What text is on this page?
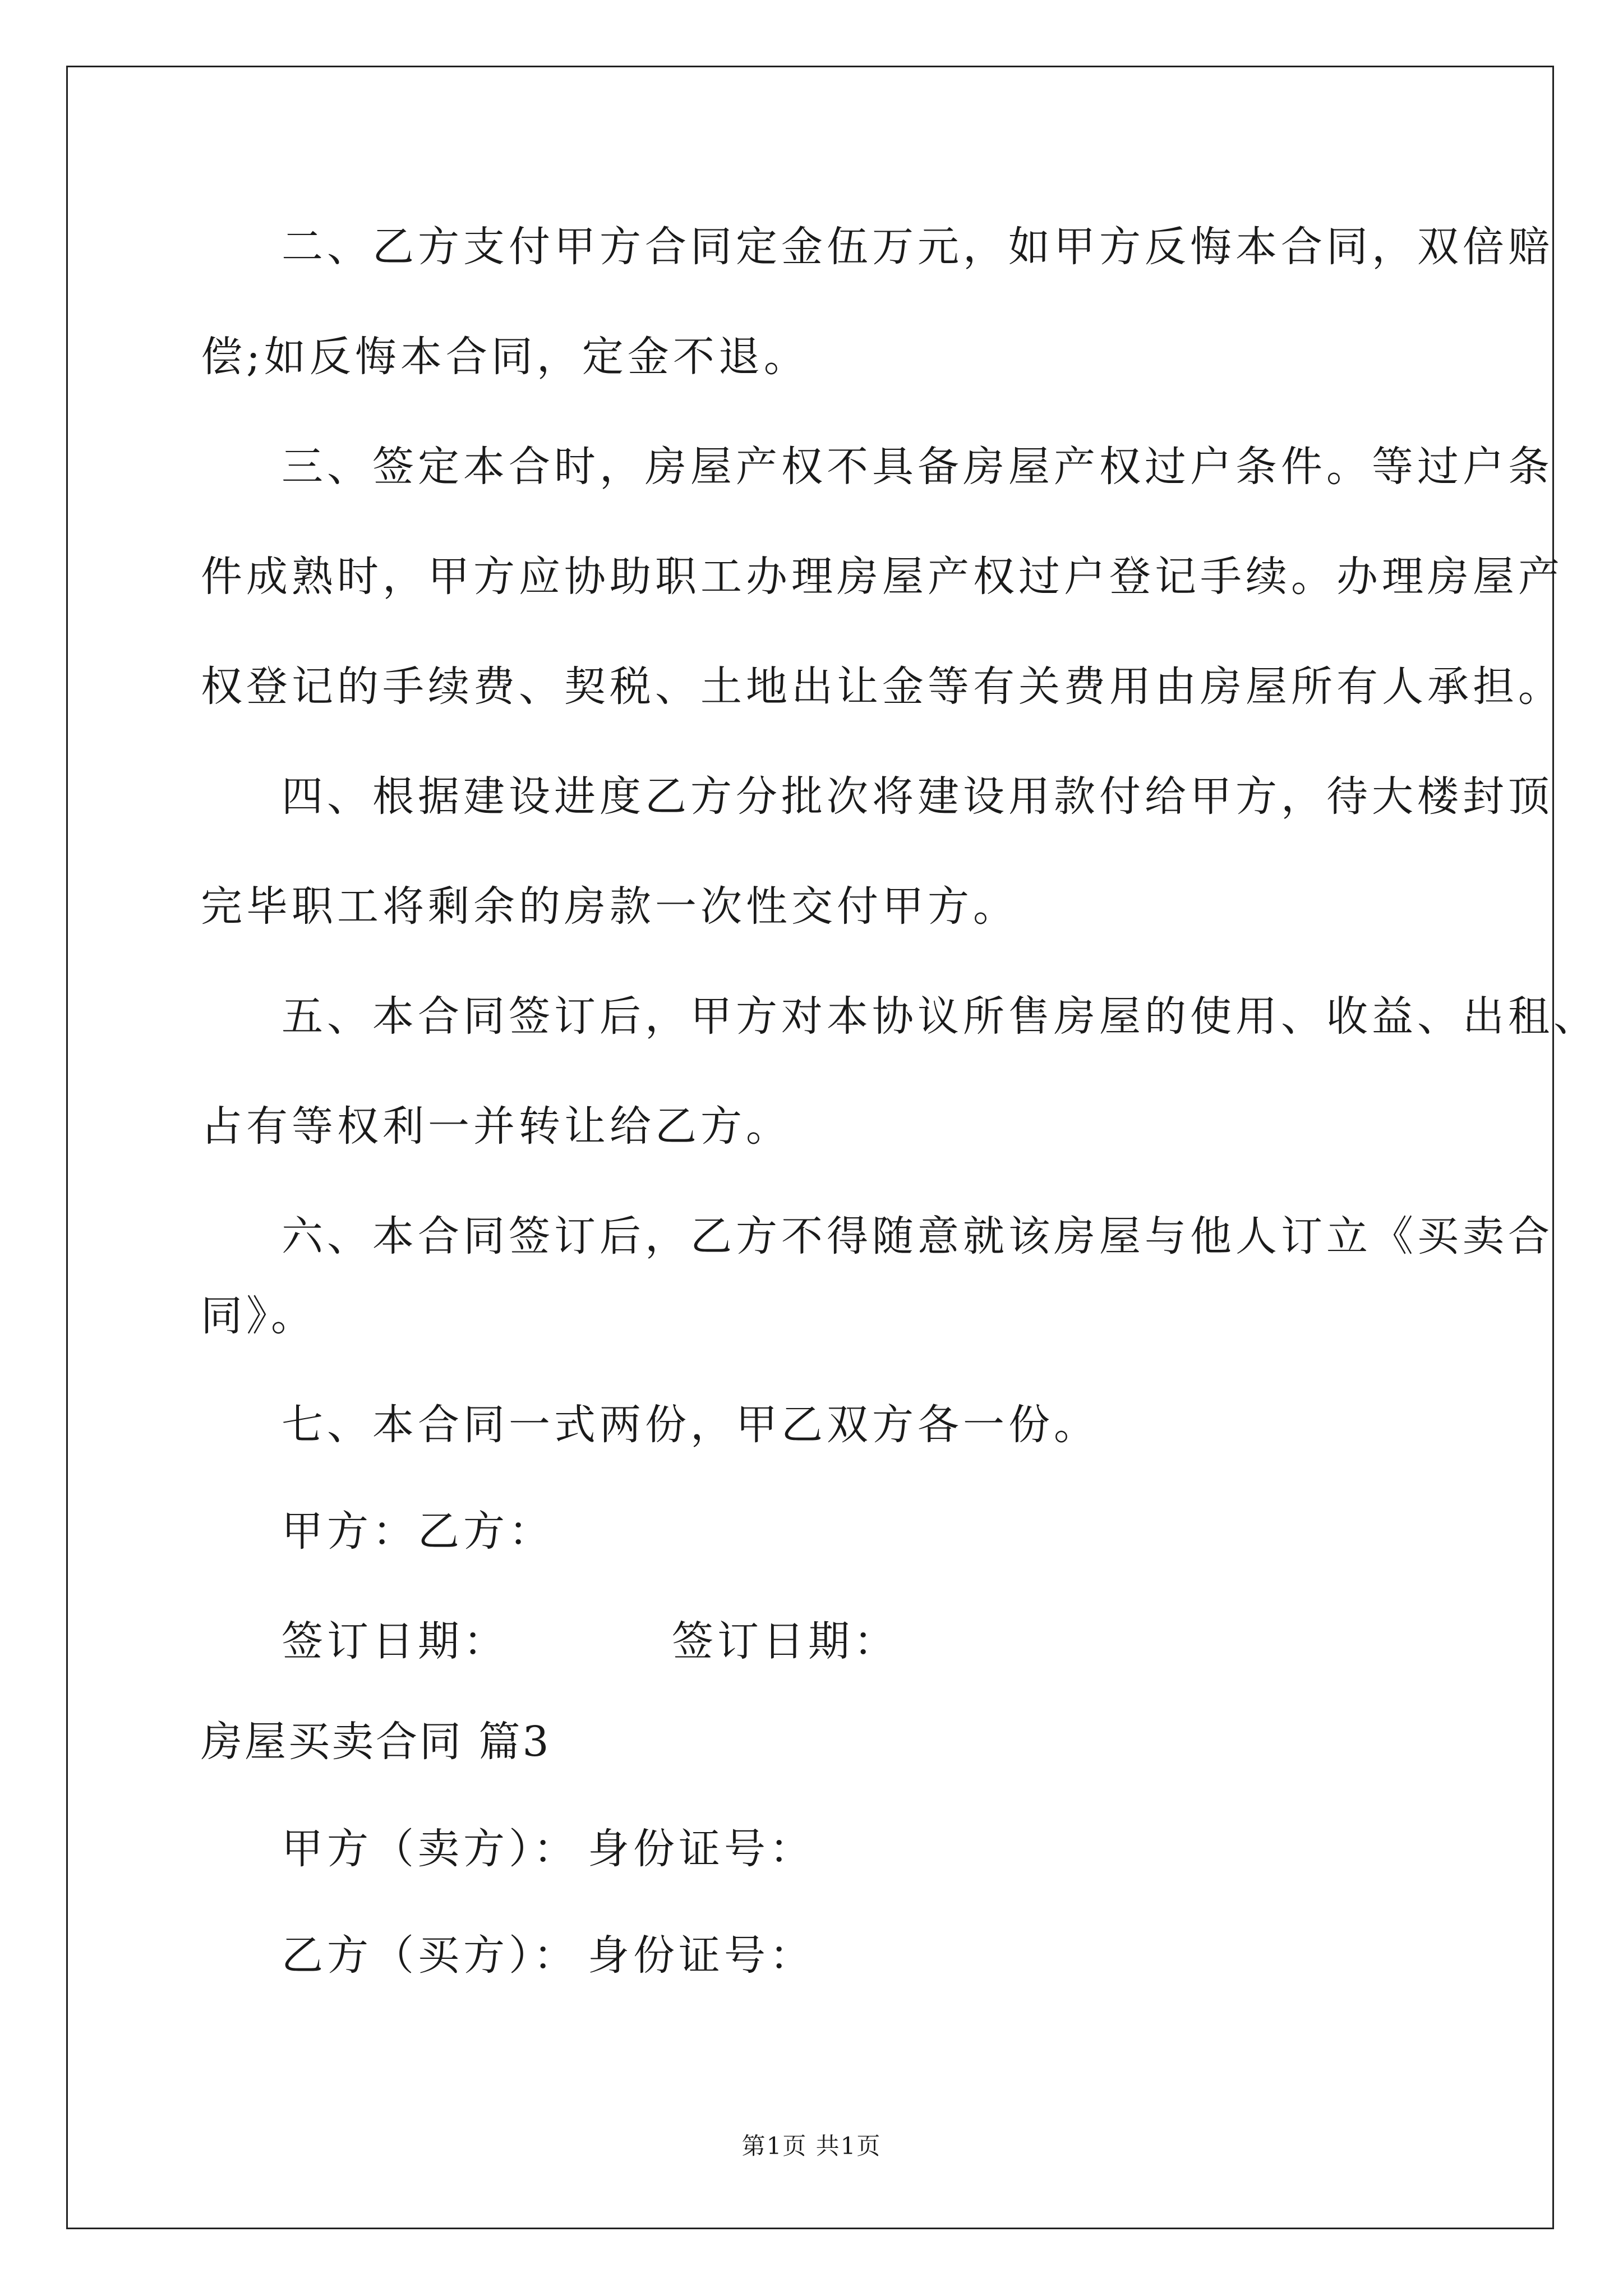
二、乙方支付甲方合同定金伍万元，如甲方反悔本合同，双倍赔
偿;如反悔本合同，定金不退。
三、签定本合时，房屋产权不具备房屋产权过户条件。等过户条
件成熟时，甲方应协助职工办理房屋产权过户登记手续。办理房屋产
权登记的手续费、契税、土地出让金等有关费用由房屋所有人承担。
四、根据建设进度乙方分批次将建设用款付给甲方，待大楼封顶
完毕职工将剩余的房款一次性交付甲方。
五、本合同签订后，甲方对本协议所售房屋的使用、收益、出租、
占有等权利一并转让给乙方。
六、本合同签订后，乙方不得随意就该房屋与他人订立《买卖合
同》。
七、本合同一式两份，甲乙双方各一份。
甲方：乙方：
签订日期：	签订日期：
房屋买卖合同 篇3
甲方（卖方）： 身份证号：
乙方（买方）： 身份证号：
第1页 共1页
